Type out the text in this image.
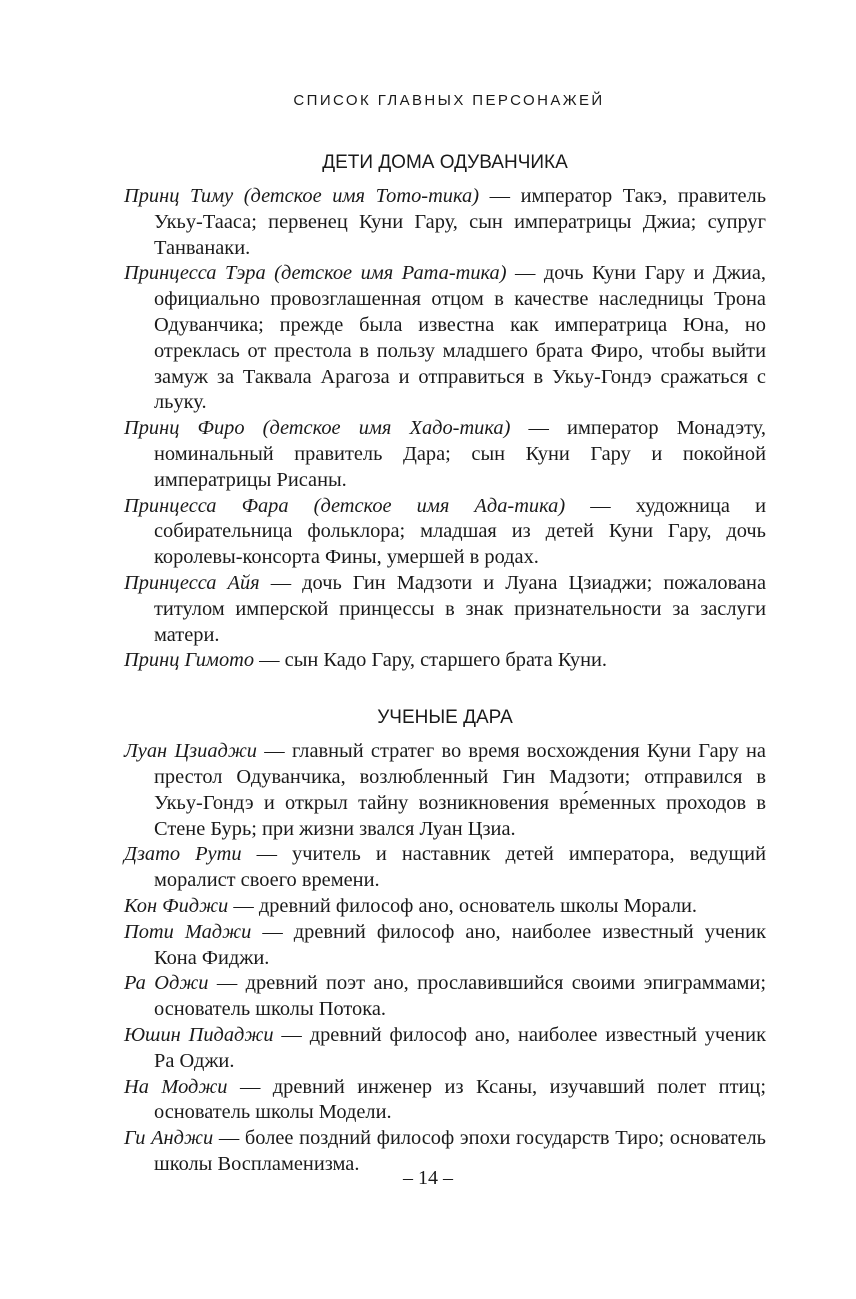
СПИСОК ГЛАВНЫХ ПЕРСОНАЖЕЙ
ДЕТИ ДОМА ОДУВАНЧИКА

Принц Тиму (детское имя Тото-тика) — император Такэ, правитель Укьу-Тааса; первенец Куни Гару, сын императрицы Джиа; супруг Танванаки.

Принцесса Тэра (детское имя Рата-тика) — дочь Куни Гару и Джиа, официально провозглашенная отцом в качестве наследницы Трона Одуванчика; прежде была известна как императрица Юна, но отреклась от престола в пользу младшего брата Фиро, чтобы выйти замуж за Таквала Арагоза и отправиться в Укьу-Гондэ сражаться с льуку.

Принц Фиро (детское имя Хадо-тика) — император Монадэту, номинальный правитель Дара; сын Куни Гару и покойной императрицы Рисаны.

Принцесса Фара (детское имя Ада-тика) — художница и собирательница фольклора; младшая из детей Куни Гару, дочь королевы-консорта Фины, умершей в родах.

Принцесса Айя — дочь Гин Мадзоти и Луана Цзиаджи; пожалована титулом имперской принцессы в знак признательности за заслуги матери.

Принц Гимото — сын Кадо Гару, старшего брата Куни.

УЧЕНЫЕ ДАРА

Луан Цзиаджи — главный стратег во время восхождения Куни Гару на престол Одуванчика, возлюбленный Гин Мадзоти; отправился в Укьу-Гондэ и открыл тайну возникновения вре́менных проходов в Стене Бурь; при жизни звался Луан Цзиа.

Дзато Рути — учитель и наставник детей императора, ведущий моралист своего времени.

Кон Фиджи — древний философ ано, основатель школы Морали.

Поти Маджи — древний философ ано, наиболее известный ученик Кона Фиджи.

Ра Оджи — древний поэт ано, прославившийся своими эпиграммами; основатель школы Потока.

Юшин Пидаджи — древний философ ано, наиболее известный ученик Ра Оджи.

На Моджи — древний инженер из Ксаны, изучавший полет птиц; основатель школы Модели.

Ги Анджи — более поздний философ эпохи государств Тиро; основатель школы Воспламенизма.

– 14 –
